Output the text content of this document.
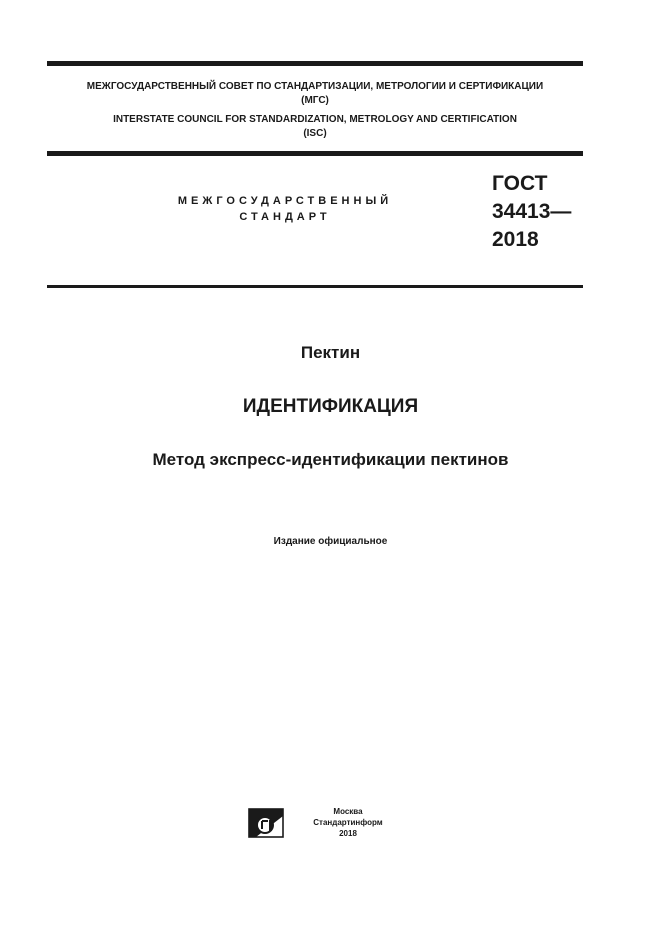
МЕЖГОСУДАРСТВЕННЫЙ СОВЕТ ПО СТАНДАРТИЗАЦИИ, МЕТРОЛОГИИ И СЕРТИФИКАЦИИ
(МГС)
INTERSTATE COUNCIL FOR STANDARDIZATION, METROLOGY AND CERTIFICATION
(ISC)
МЕЖГОСУДАРСТВЕННЫЙ
СТАНДАРТ
ГОСТ
34413—
2018
Пектин
ИДЕНТИФИКАЦИЯ
Метод экспресс-идентификации пектинов
Издание официальное
Москва
Стандартинформ
2018
